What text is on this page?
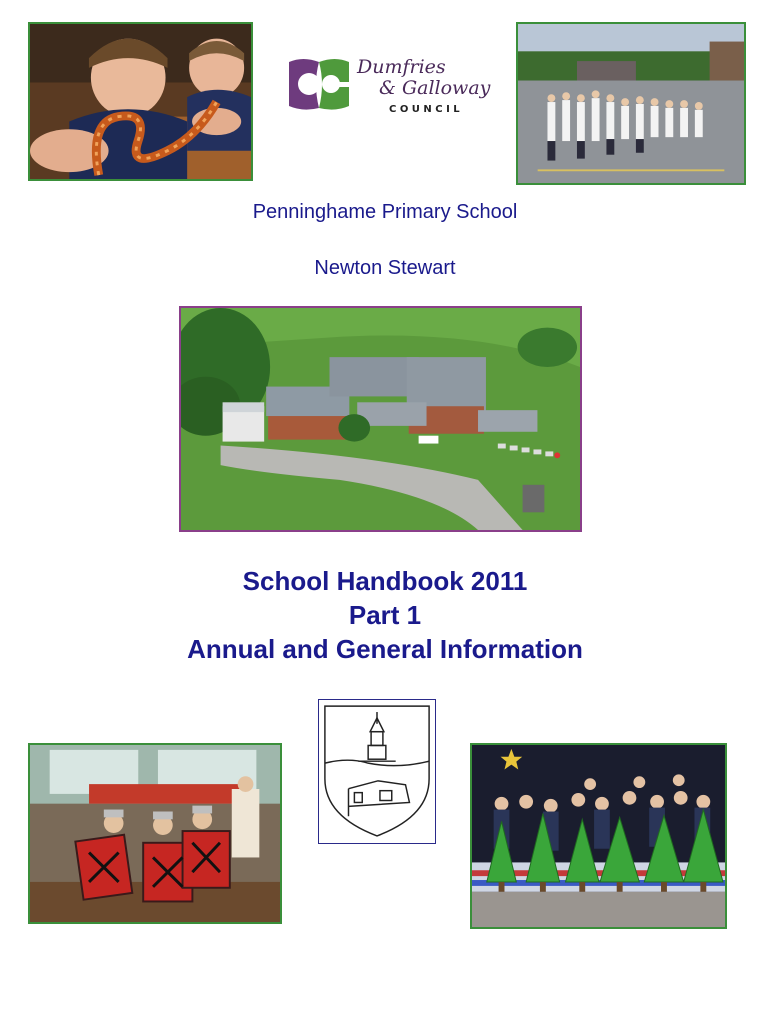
Dumfries
& Galloway
C O U N C I L
Penninghame Primary School
Newton Stewart
School Handbook 2011
Part 1
Annual and General Information
